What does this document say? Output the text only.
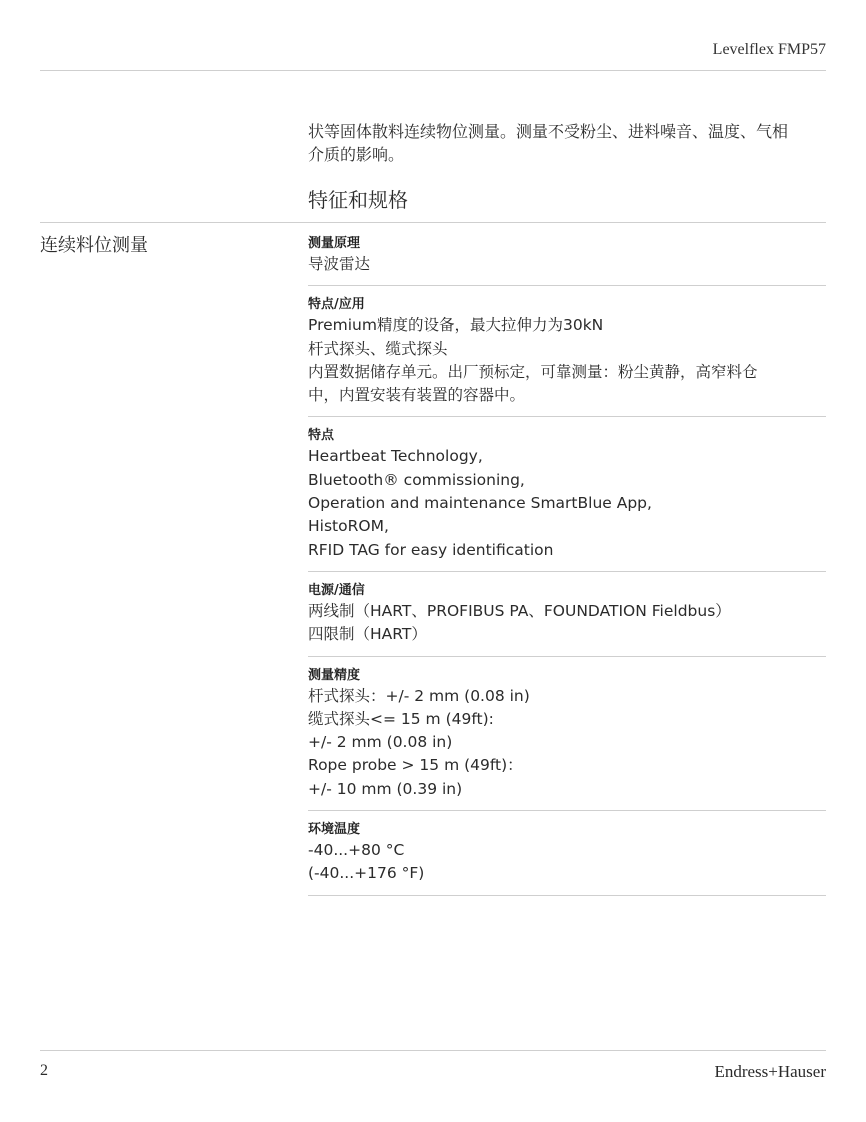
Levelflex FMP57
状等固体散料连续物位测量。测量不受粉尘、进料噪音、温度、气相
介质的影响。
特征和规格
连续料位测量	测量原理
导波雷达
特点/应用
Premium精度的设备，最大拉伸力为30kN
杆式探头、缆式探头
内置数据储存单元。出厂预标定，可靠测量：粉尘黄静，高窄料仓
中，内置安装有装置的容器中。
特点
Heartbeat Technology,
Bluetooth® commissioning,
Operation and maintenance SmartBlue App,
HistoROM,
RFID TAG for easy identification
电源/通信
两线制（HART、PROFIBUS PA、FOUNDATION Fieldbus）
四限制（HART）
测量精度
杆式探头：+/- 2 mm (0.08 in)
缆式探头<= 15 m (49ft):
+/- 2 mm (0.08 in)
Rope probe > 15 m (49ft)：
+/- 10 mm (0.39 in)
环境温度
-40...+80 °C
(-40...+176 °F)
2	Endress+Hauser
